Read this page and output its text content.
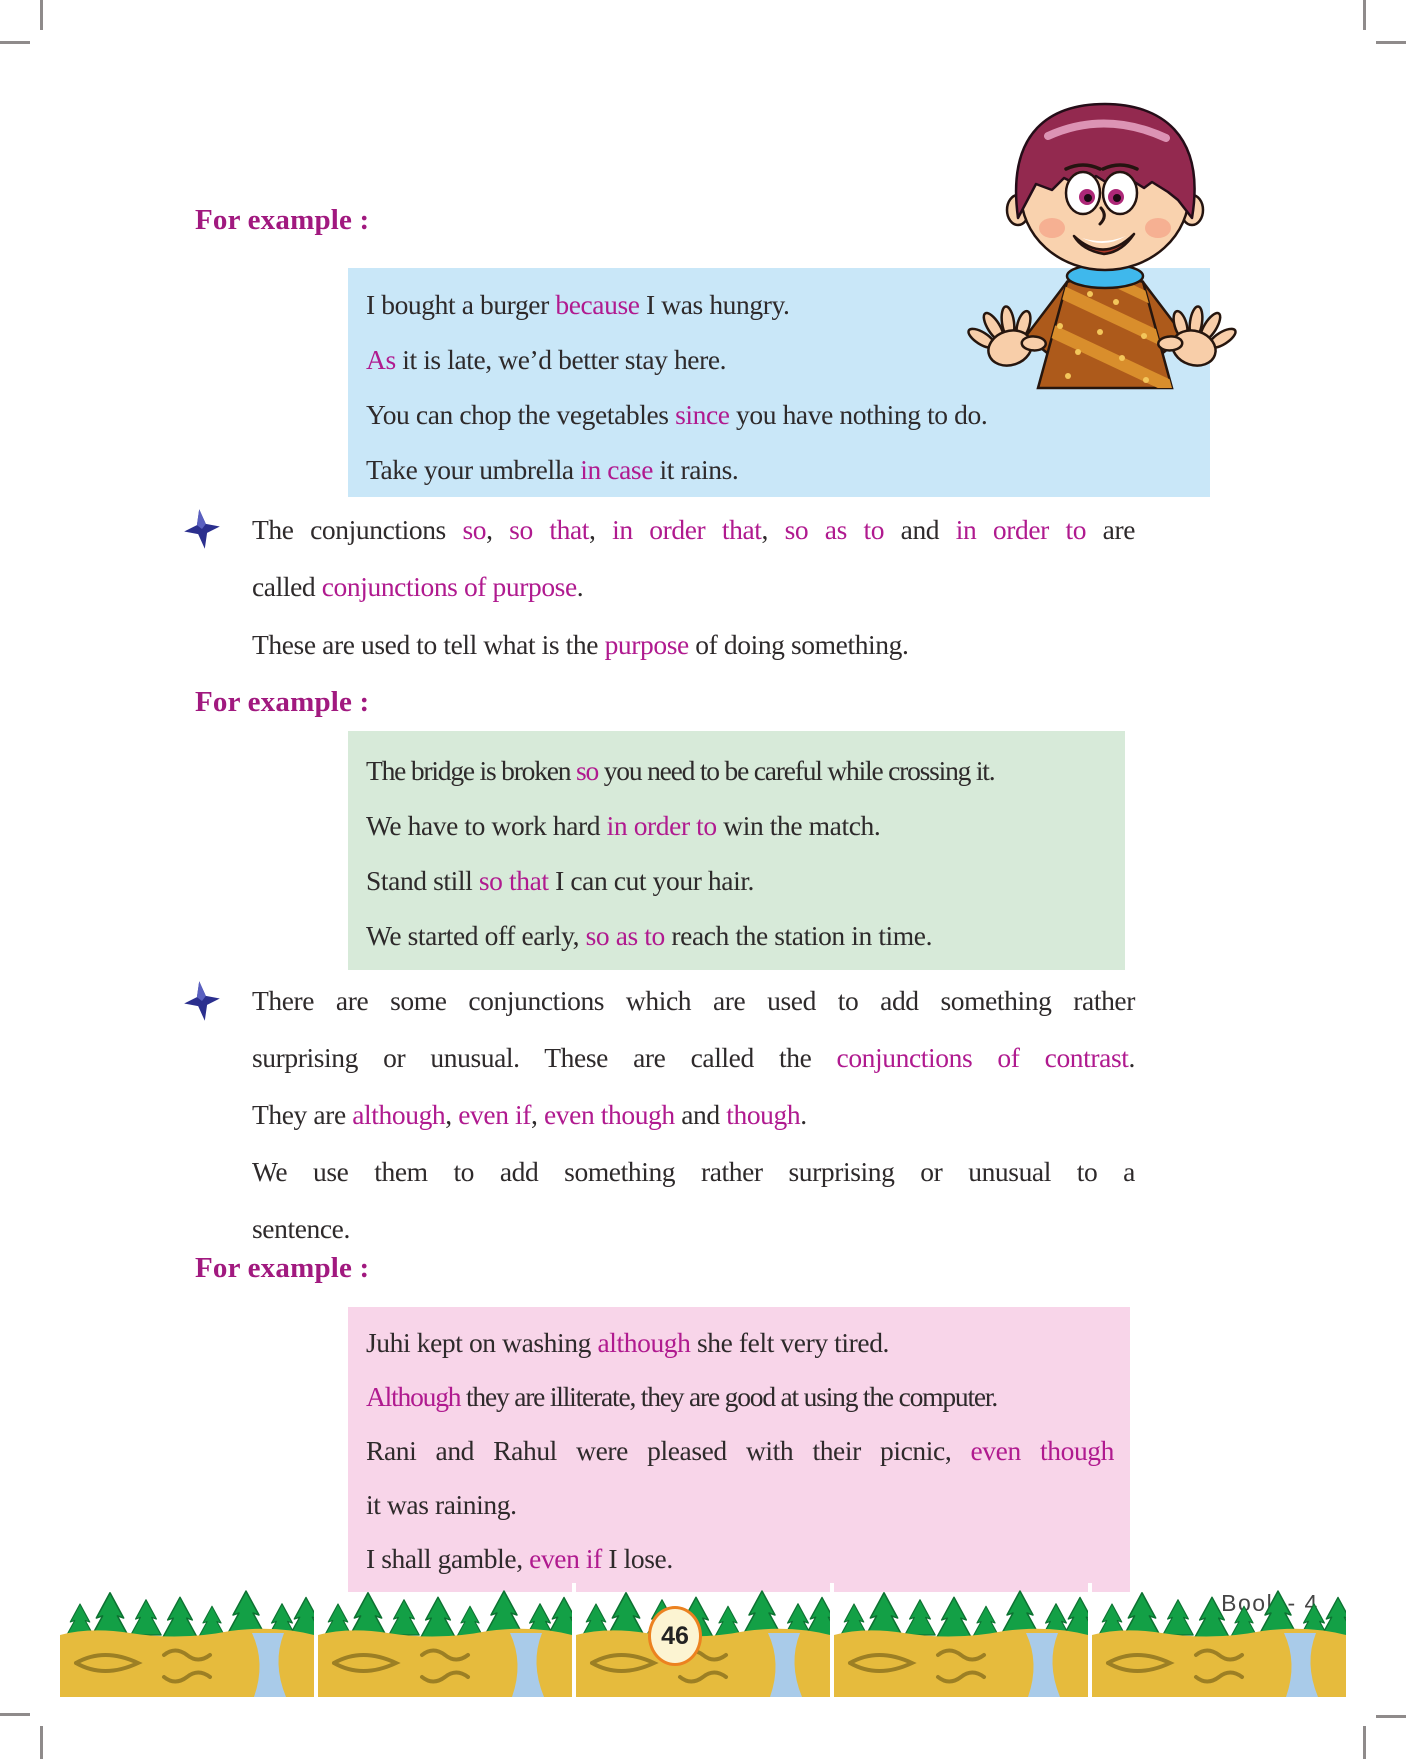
For example :
I bought a burger because I was hungry.
As it is late, we’d better stay here.
You can chop the vegetables since you have nothing to do.
Take your umbrella in case it rains.
The conjunctions so, so that, in order that, so as to and in order to are
called conjunctions of purpose.
These are used to tell what is the purpose of doing something.
For example :
The bridge is broken so you need to be careful while crossing it.
We have to work hard in order to win the match.
Stand still so that I can cut your hair.
We started off early, so as to reach the station in time.
There are some conjunctions which are used to add something rather
surprising or unusual. These are called the conjunctions of contrast.
They are although, even if, even though and though.
We use them to add something rather surprising or unusual to a
sentence.
For example :
Juhi kept on washing although she felt very tired.
Although they are illiterate, they are good at using the computer.
Rani and Rahul were pleased with their picnic, even though
it was raining.
I shall gamble, even if I lose.
46
